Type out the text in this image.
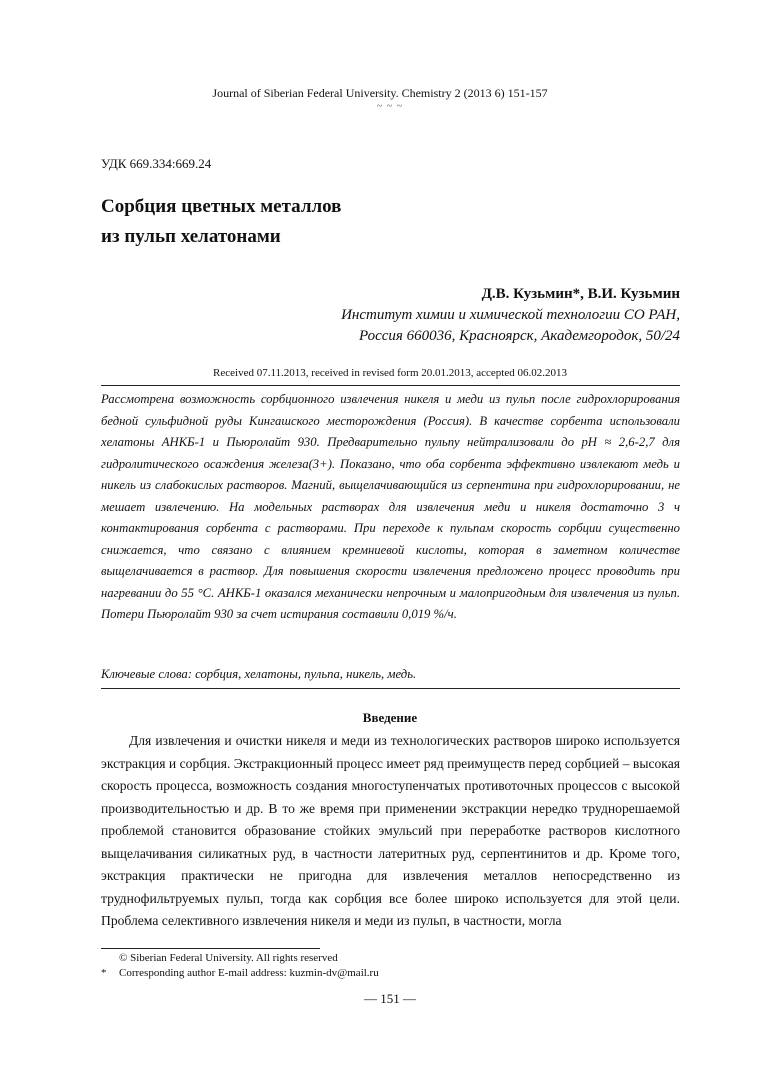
Journal of Siberian Federal University. Chemistry 2 (2013 6) 151-157
~ ~ ~
УДК 669.334:669.24
Сорбция цветных металлов
из пульп хелатонами
Д.В. Кузьмин*, В.И. Кузьмин
Институт химии и химической технологии СО РАН,
Россия 660036, Красноярск, Академгородок, 50/24
Received 07.11.2013, received in revised form 20.01.2013, accepted 06.02.2013
Рассмотрена возможность сорбционного извлечения никеля и меди из пульп после гидрохлорирования бедной сульфидной руды Кингашского месторождения (Россия). В качестве сорбента использовали хелатоны АНКБ-1 и Пьюролайт 930. Предварительно пульпу нейтрализовали до pH ≈ 2,6-2,7 для гидролитического осаждения железа(3+). Показано, что оба сорбента эффективно извлекают медь и никель из слабокислых растворов. Магний, выщелачивающийся из серпентина при гидрохлорировании, не мешает извлечению. На модельных растворах для извлечения меди и никеля достаточно 3 ч контактирования сорбента с растворами. При переходе к пульпам скорость сорбции существенно снижается, что связано с влиянием кремниевой кислоты, которая в заметном количестве выщелачивается в раствор. Для повышения скорости извлечения предложено процесс проводить при нагревании до 55 °С. АНКБ-1 оказался механически непрочным и малопригодным для извлечения из пульп. Потери Пьюролайт 930 за счет истирания составили 0,019 %/ч.
Ключевые слова: сорбция, хелатоны, пульпа, никель, медь.
Введение
Для извлечения и очистки никеля и меди из технологических растворов широко используется экстракция и сорбция. Экстракционный процесс имеет ряд преимуществ перед сорбцией – высокая скорость процесса, возможность создания многоступенчатых противоточных процессов с высокой производительностью и др. В то же время при применении экстракции нередко труднорешаемой проблемой становится образование стойких эмульсий при переработке растворов кислотного выщелачивания силикатных руд, в частности латеритных руд, серпентинитов и др. Кроме того, экстракция практически не пригодна для извлечения металлов непосредственно из труднофильтруемых пульп, тогда как сорбция все более широко используется для этой цели. Проблема селективного извлечения никеля и меди из пульп, в частности, могла
© Siberian Federal University. All rights reserved
* Corresponding author E-mail address: kuzmin-dv@mail.ru
— 151 —
